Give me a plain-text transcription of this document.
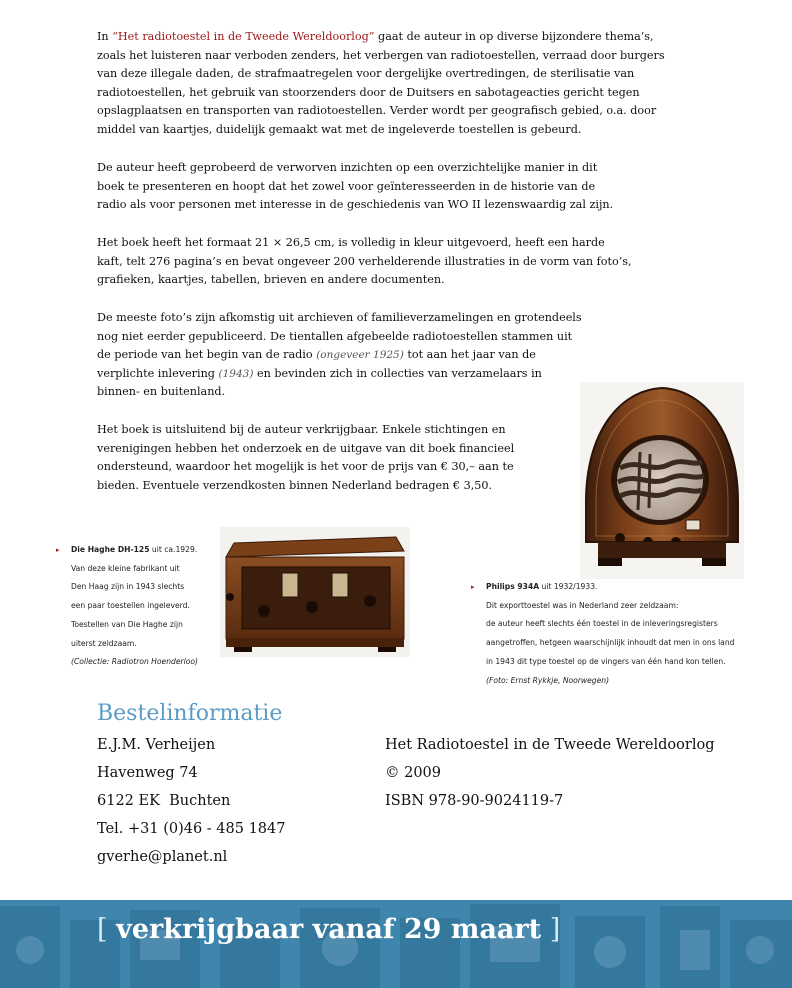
In “Het radiotoestel in de Tweede Wereldoorlog” gaat de auteur in op diverse bijzondere thema’s, zoals het luisteren naar verboden zenders, het verbergen van radiotoestellen, verraad door burgers van deze illegale daden, de strafmaatregelen voor dergelijke overtredingen, de sterilisatie van radiotoestellen, het gebruik van stoorzenders door de Duitsers en sabotageacties gericht tegen opslagplaatsen en transporten van radiotoestellen. Verder wordt per geografisch gebied, o.a. door middel van kaartjes, duidelijk gemaakt wat met de ingeleverde toestellen is gebeurd.

De auteur heeft geprobeerd de verworven inzichten op een overzichtelijke manier in dit boek te presenteren en hoopt dat het zowel voor geïnteresseerden in de historie van de radio als voor personen met interesse in de geschiedenis van WO II lezenswaardig zal zijn.

Het boek heeft het formaat 21 × 26,5 cm, is volledig in kleur uitgevoerd, heeft een harde kaft, telt 276 pagina’s en bevat ongeveer 200 verhelderende illustraties in de vorm van foto’s, grafieken, kaartjes, tabellen, brieven en andere documenten.

De meeste foto’s zijn afkomstig uit archieven of familieverzamelingen en grotendeels nog niet eerder gepubliceerd. De tientallen afgebeelde radiotoestellen stammen uit de periode van het begin van de radio (ongeveer 1925) tot aan het jaar van de verplichte inlevering (1943) en bevinden zich in collecties van verzamelaars in binnen- en buitenland.

Het boek is uitsluitend bij de auteur verkrijgbaar. Enkele stichtingen en verenigingen hebben het onderzoek en de uitgave van dit boek financieel ondersteund, waardoor het mogelijk is het voor de prijs van € 30,– aan te bieden. Eventuele verzendkosten binnen Nederland bedragen € 3,50.

▸ Die Haghe DH-125 uit ca.1929.
Van deze kleine fabrikant uit
Den Haag zijn in 1943 slechts
een paar toestellen ingeleverd.
Toestellen van Die Haghe zijn
uiterst zeldzaam.
(Collectie: Radiotron Hoenderloo)
▸ Philips 934A uit 1932/1933.
Dit exporttoestel was in Nederland zeer zeldzaam:
de auteur heeft slechts één toestel in de inleveringsregisters
aangetroffen, hetgeen waarschijnlijk inhoudt dat men in ons land
in 1943 dit type toestel op de vingers van één hand kon tellen.
(Foto: Ernst Rykkje, Noorwegen)
Bestelinformatie
E.J.M. Verheijen
Havenweg 74
6122 EK  Buchten
Tel. +31 (0)46 - 485 1847
gverhe@planet.nl
Het Radiotoestel in de Tweede Wereldoorlog
© 2009
ISBN 978-90-9024119-7
[ verkrijgbaar vanaf 29 maart ]
